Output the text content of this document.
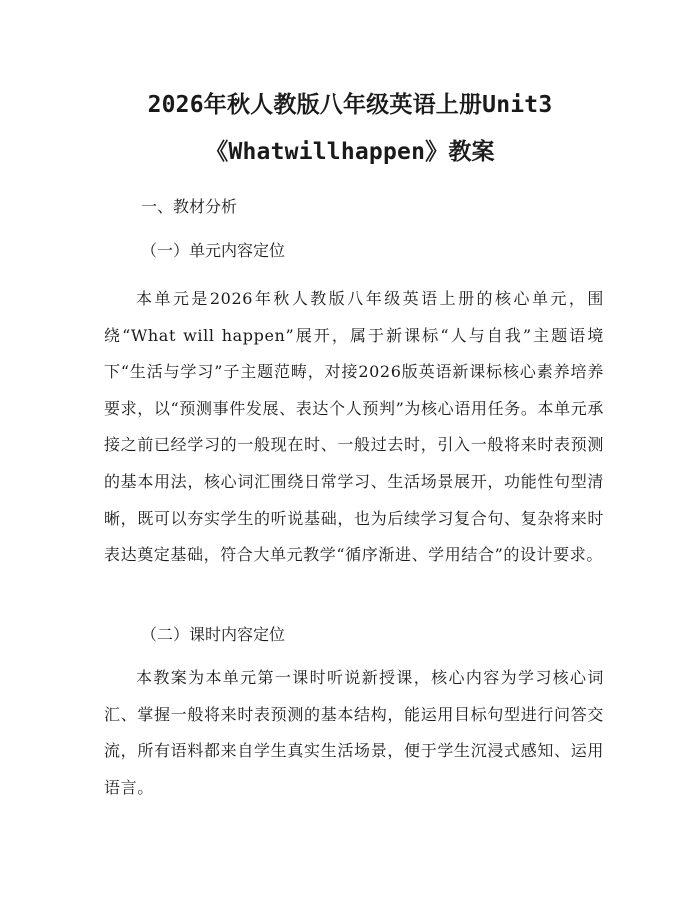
2026年秋人教版八年级英语上册Unit3
《Whatwillhappen》教案
一、教材分析
（一）单元内容定位
本单元是2026年秋人教版八年级英语上册的核心单元，围绕“What will happen”展开，属于新课标“人与自我”主题语境下“生活与学习”子主题范畴，对接2026版英语新课标核心素养培养要求，以“预测事件发展、表达个人预判”为核心语用任务。本单元承接之前已经学习的一般现在时、一般过去时，引入一般将来时表预测的基本用法，核心词汇围绕日常学习、生活场景展开，功能性句型清晰，既可以夯实学生的听说基础，也为后续学习复合句、复杂将来时表达奠定基础，符合大单元教学“循序渐进、学用结合”的设计要求。
（二）课时内容定位
本教案为本单元第一课时听说新授课，核心内容为学习核心词汇、掌握一般将来时表预测的基本结构，能运用目标句型进行问答交流，所有语料都来自学生真实生活场景，便于学生沉浸式感知、运用语言。
